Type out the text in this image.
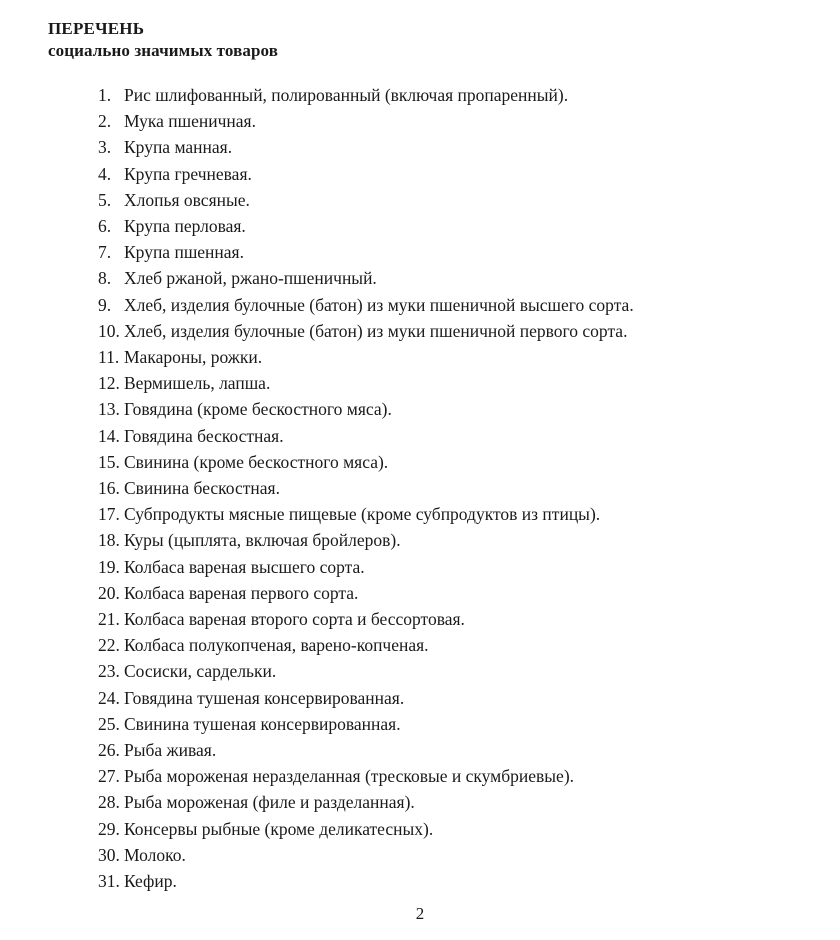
ПЕРЕЧЕНЬ
социально значимых товаров
1. Рис шлифованный, полированный (включая пропаренный).
2. Мука пшеничная.
3. Крупа манная.
4. Крупа гречневая.
5. Хлопья овсяные.
6. Крупа перловая.
7. Крупа пшенная.
8. Хлеб ржаной, ржано-пшеничный.
9. Хлеб, изделия булочные (батон) из муки пшеничной высшего сорта.
10. Хлеб, изделия булочные (батон) из муки пшеничной первого сорта.
11. Макароны, рожки.
12. Вермишель, лапша.
13. Говядина (кроме бескостного мяса).
14. Говядина бескостная.
15. Свинина (кроме бескостного мяса).
16. Свинина бескостная.
17. Субпродукты мясные пищевые (кроме субпродуктов из птицы).
18. Куры (цыплята, включая бройлеров).
19. Колбаса вареная высшего сорта.
20. Колбаса вареная первого сорта.
21. Колбаса вареная второго сорта и бессортовая.
22. Колбаса полукопченая, варено-копченая.
23. Сосиски, сардельки.
24. Говядина тушеная консервированная.
25. Свинина тушеная консервированная.
26. Рыба живая.
27. Рыба мороженая неразделанная (тресковые и скумбриевые).
28. Рыба мороженая (филе и разделанная).
29. Консервы рыбные (кроме деликатесных).
30. Молоко.
31. Кефир.
2
